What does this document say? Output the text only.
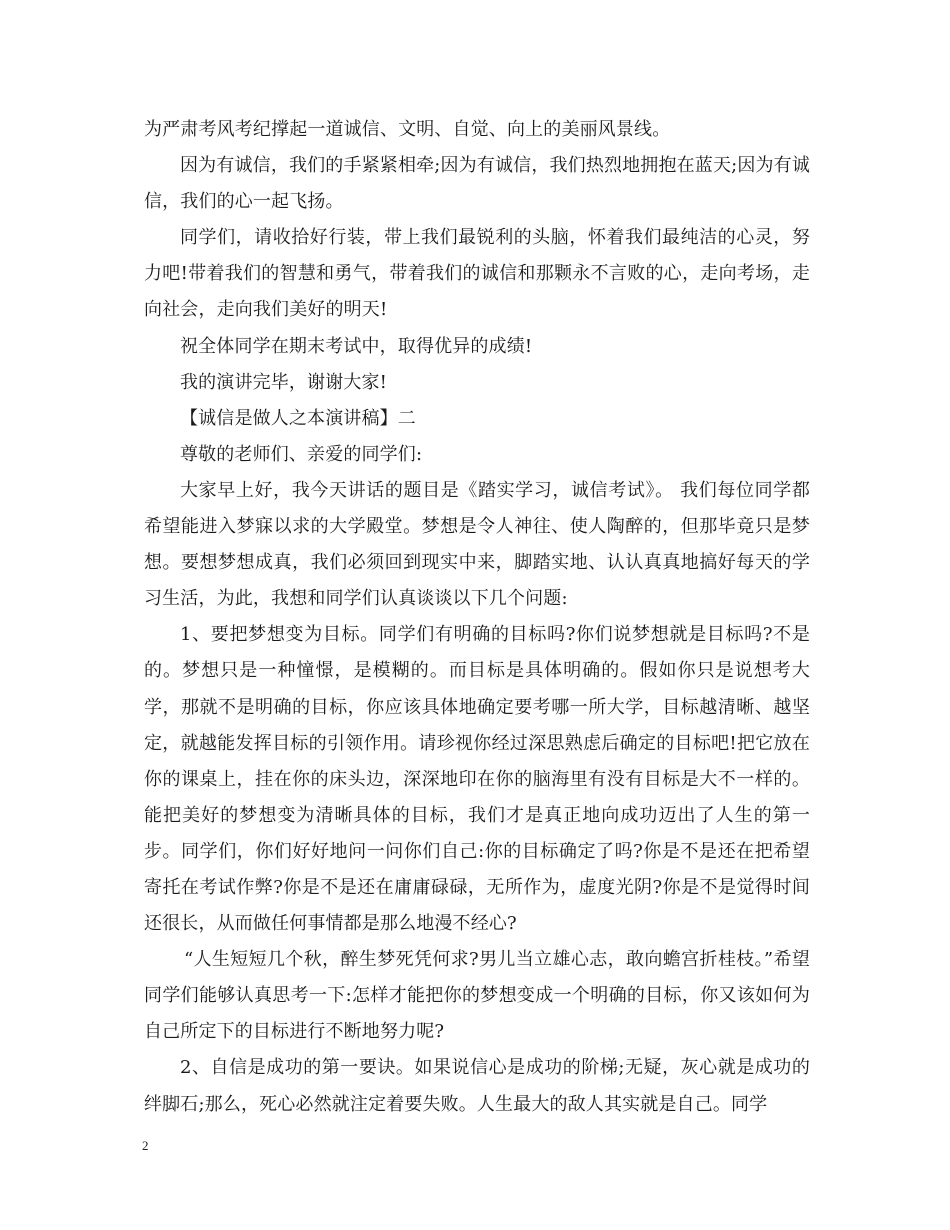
为严肃考风考纪撑起一道诚信、文明、自觉、向上的美丽风景线。

因为有诚信，我们的手紧紧相牵;因为有诚信，我们热烈地拥抱在蓝天;因为有诚信，我们的心一起飞扬。

同学们，请收拾好行装，带上我们最锐利的头脑，怀着我们最纯洁的心灵，努力吧!带着我们的智慧和勇气，带着我们的诚信和那颗永不言败的心，走向考场，走向社会，走向我们美好的明天!

祝全体同学在期末考试中，取得优异的成绩!

我的演讲完毕，谢谢大家!

【诚信是做人之本演讲稿】二

尊敬的老师们、亲爱的同学们:

大家早上好，我今天讲话的题目是《踏实学习，诚信考试》。 我们每位同学都希望能进入梦寐以求的大学殿堂。梦想是令人神往、使人陶醉的，但那毕竟只是梦想。要想梦想成真，我们必须回到现实中来，脚踏实地、认认真真地搞好每天的学习生活，为此，我想和同学们认真谈谈以下几个问题:

1、要把梦想变为目标。同学们有明确的目标吗?你们说梦想就是目标吗?不是的。梦想只是一种憧憬，是模糊的。而目标是具体明确的。假如你只是说想考大学，那就不是明确的目标，你应该具体地确定要考哪一所大学，目标越清晰、越坚定，就越能发挥目标的引领作用。请珍视你经过深思熟虑后确定的目标吧!把它放在你的课桌上，挂在你的床头边，深深地印在你的脑海里有没有目标是大不一样的。能把美好的梦想变为清晰具体的目标，我们才是真正地向成功迈出了人生的第一步。同学们，你们好好地问一问你们自己:你的目标确定了吗?你是不是还在把希望寄托在考试作弊?你是不是还在庸庸碌碌，无所作为，虚度光阴?你是不是觉得时间还很长，从而做任何事情都是那么地漫不经心?

“人生短短几个秋，醉生梦死凭何求?男儿当立雄心志，敢向蟾宫折桂枝。”希望同学们能够认真思考一下:怎样才能把你的梦想变成一个明确的目标，你又该如何为自己所定下的目标进行不断地努力呢?

2、自信是成功的第一要诀。如果说信心是成功的阶梯;无疑，灰心就是成功的绊脚石;那么，死心必然就注定着要失败。人生最大的敌人其实就是自己。同学

2
